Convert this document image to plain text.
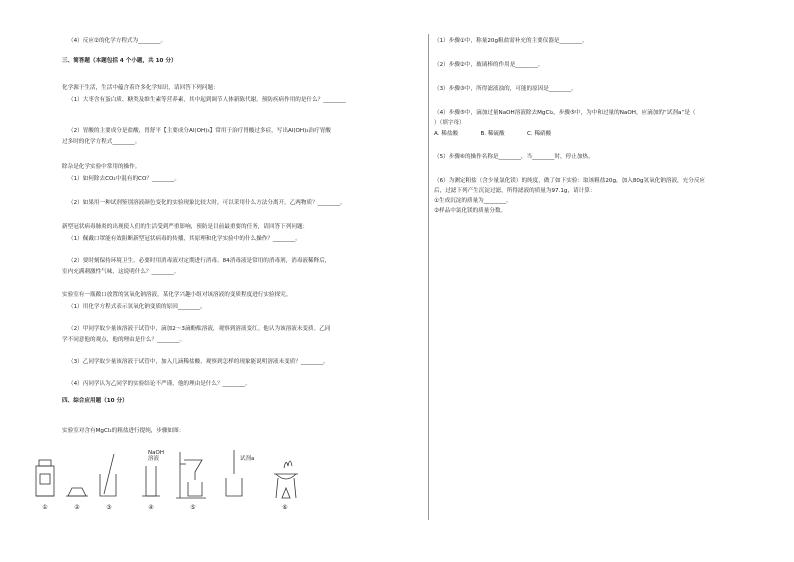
（4）反应②的化学方程式为________。
三、简答题（本题包括 4 个小题，共 10 分）
化学源于生活，生活中蕴含着许多化学知识，请回答下列问题：
（1）大枣含有蛋白质、糖类及维生素等营养素，其中起到调节人体新陈代谢，预防疾病作用的是什么？________
（2）胃酸的主要成分是盐酸，胃舒平【主要成分Al(OH)₃】常用于治疗胃酸过多症，写出Al(OH)₃治疗胃酸
过多时的化学方程式________。
除杂是化学实验中常用的操作。
（1）如何除去CO₂中混有的CO？________。
（2）如果用一种试剂鉴别溶液颜色变化的实验现象比较大时，可以采用什么方法分离开，乙两物质？________。
新型冠状病毒肺炎的出现使人们的生活受到严重影响，预防是目前最重要的任务，请回答下列问题：
（1）佩戴口罩能有效阻断新型冠状病毒的传播，其原理和化学实验中的什么操作？________。
（2）要时刻保持环境卫生，必要时用消毒液对定期进行消毒。84消毒液是常用的消毒剂，消毒液稀释后，
室内充满刺激性气味，这说明什么？________。
实验室有一瓶敞口放置的氢氧化钠溶液，某化学兴趣小组对该溶液的变质程度进行实验探究。
（1）用化学方程式表示氢氧化钠变质的原因________。
（2）甲同学取少量该溶液于试管中，滴加2～3滴酚酞溶液，观察到溶液变红。他认为该溶液未变质。乙同
学不同意他的观点，他的理由是什么？________。
（3）乙同学取少量该溶液于试管中，加入几滴稀盐酸，观察到怎样的现象能说明溶液未变质？________。
（4）丙同学认为乙同学的实验结论不严谨，他的理由是什么？________。
四、综合应用题（10 分）
实验室对含有MgCl₂的粗盐进行提纯，步骤如图：
NaOH
溶液	试剂a
①	②	③	④	⑤	⑥
（1）步骤①中，称量20g粗盐需补充的主要仪器是________。
（2）步骤②中，玻璃棒的作用是________。
（3）步骤③中，所得滤液浊的，可能的原因是________。
（4）步骤⑤中，滴加过量NaOH溶液除去MgCl₂，步骤⑤中，为中和过量的NaOH，应滴加的“试剂a”是（
）（填字母）
A. 稀盐酸　　　　B. 稀硫酸　　　　C. 稀硝酸
（5）步骤⑥的操作名称是________，当________时，停止加热。
（6）为测定粗盐（含少量氯化镁）的纯度，做了如下实验：取该粗盐20g，加入80g氢氧化钠溶液，充分反应
后，过滤下列产生沉淀过滤，所得滤液的质量为97.1g，请计算：
①生成沉淀的质量为________。
②样品中氯化镁的质量分数。
